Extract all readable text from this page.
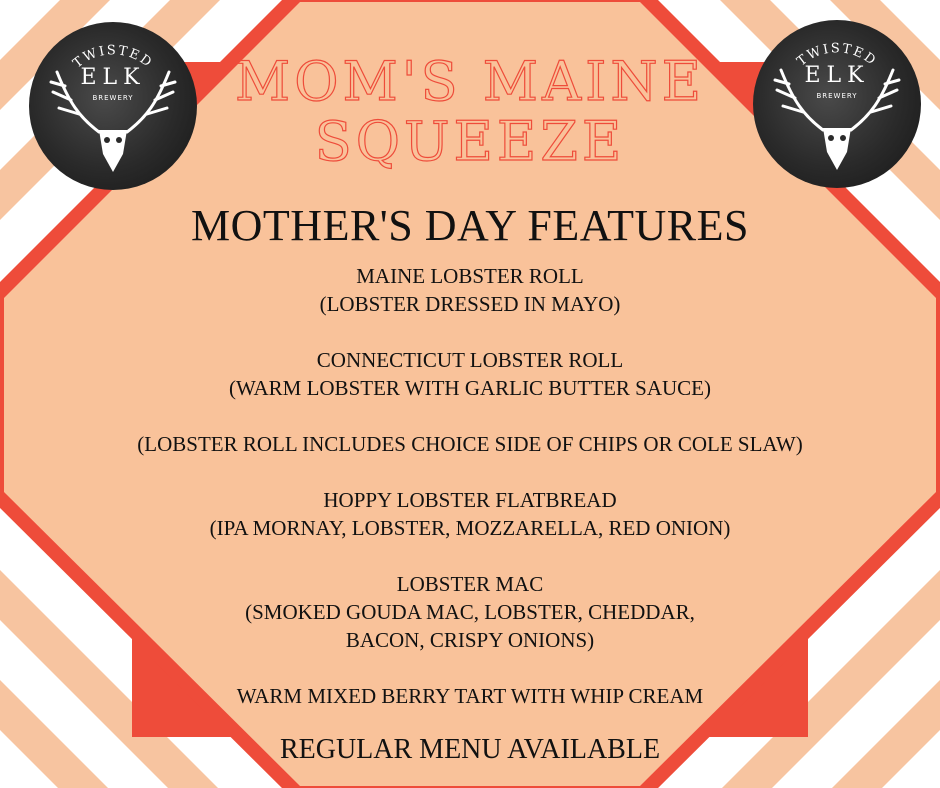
TWISTED
ELK
BREWERY
TWISTED
ELK
BREWERY
MOM'S MAINE
SQUEEZE
MOTHER'S DAY FEATURES

MAINE LOBSTER ROLL

(LOBSTER DRESSED IN MAYO)

CONNECTICUT LOBSTER ROLL

(WARM LOBSTER WITH GARLIC BUTTER SAUCE)

(LOBSTER ROLL INCLUDES CHOICE SIDE OF CHIPS OR COLE SLAW)

HOPPY LOBSTER FLATBREAD

(IPA MORNAY, LOBSTER, MOZZARELLA, RED ONION)

LOBSTER MAC

(SMOKED GOUDA MAC, LOBSTER, CHEDDAR,

BACON, CRISPY ONIONS)

WARM MIXED BERRY TART WITH WHIP CREAM

REGULAR MENU AVAILABLE
